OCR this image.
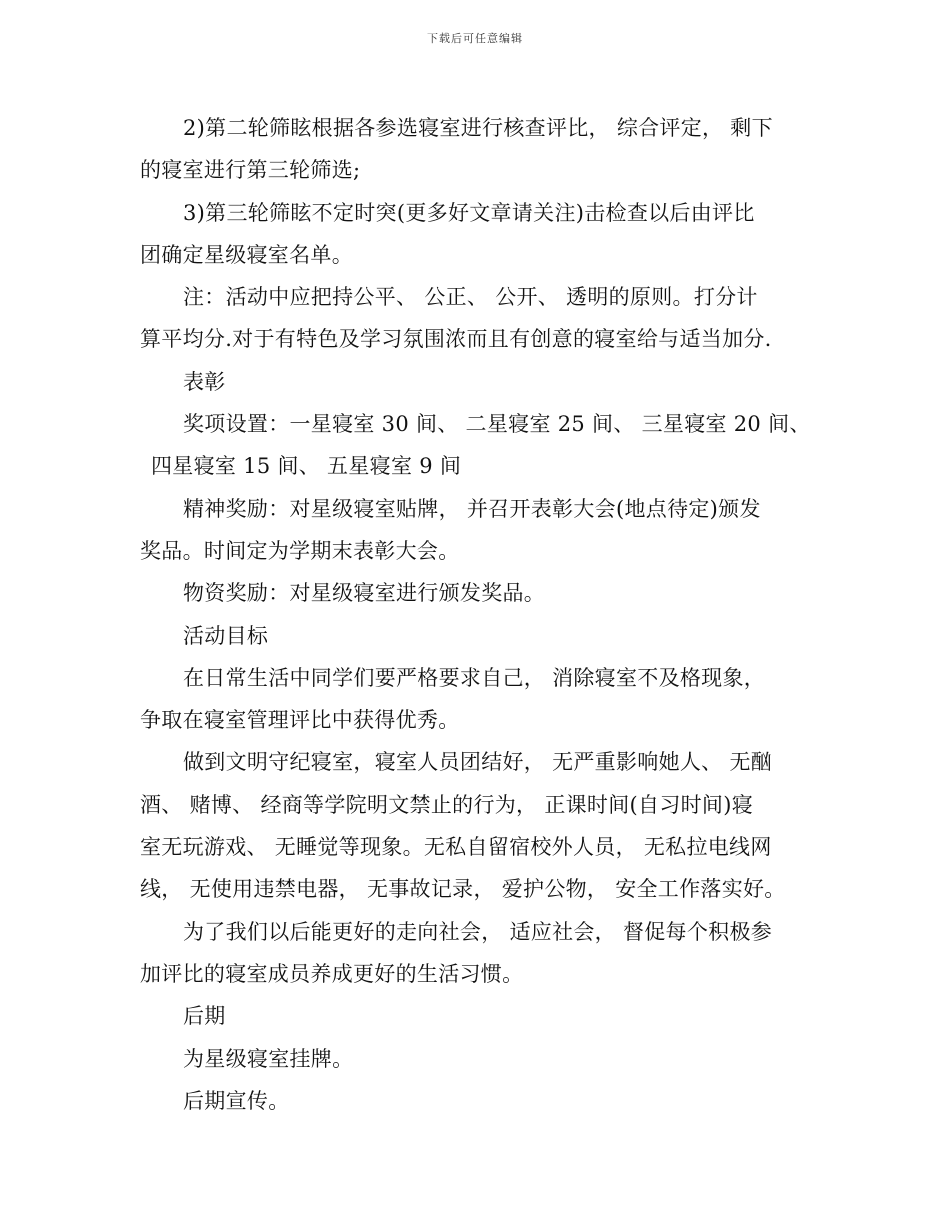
下载后可任意编辑
2)第二轮筛眩根据各参选寝室进行核查评比， 综合评定， 剩下
的寝室进行第三轮筛选;
3)第三轮筛眩不定时突(更多好文章请关注)击检查以后由评比
团确定星级寝室名单。
注：活动中应把持公平、 公正、 公开、 透明的原则。打分计
算平均分.对于有特色及学习氛围浓而且有创意的寝室给与适当加分.
表彰
奖项设置：一星寝室 30 间、 二星寝室 25 间、 三星寝室 20 间、
四星寝室 15 间、 五星寝室 9 间
精神奖励：对星级寝室贴牌， 并召开表彰大会(地点待定)颁发
奖品。时间定为学期末表彰大会。
物资奖励：对星级寝室进行颁发奖品。
活动目标
在日常生活中同学们要严格要求自己， 消除寝室不及格现象，
争取在寝室管理评比中获得优秀。
做到文明守纪寝室，寝室人员团结好， 无严重影响她人、 无酗
酒、 赌博、 经商等学院明文禁止的行为， 正课时间(自习时间)寝
室无玩游戏、 无睡觉等现象。无私自留宿校外人员， 无私拉电线网
线， 无使用违禁电器， 无事故记录， 爱护公物， 安全工作落实好。
为了我们以后能更好的走向社会， 适应社会， 督促每个积极参
加评比的寝室成员养成更好的生活习惯。
后期
为星级寝室挂牌。
后期宣传。
